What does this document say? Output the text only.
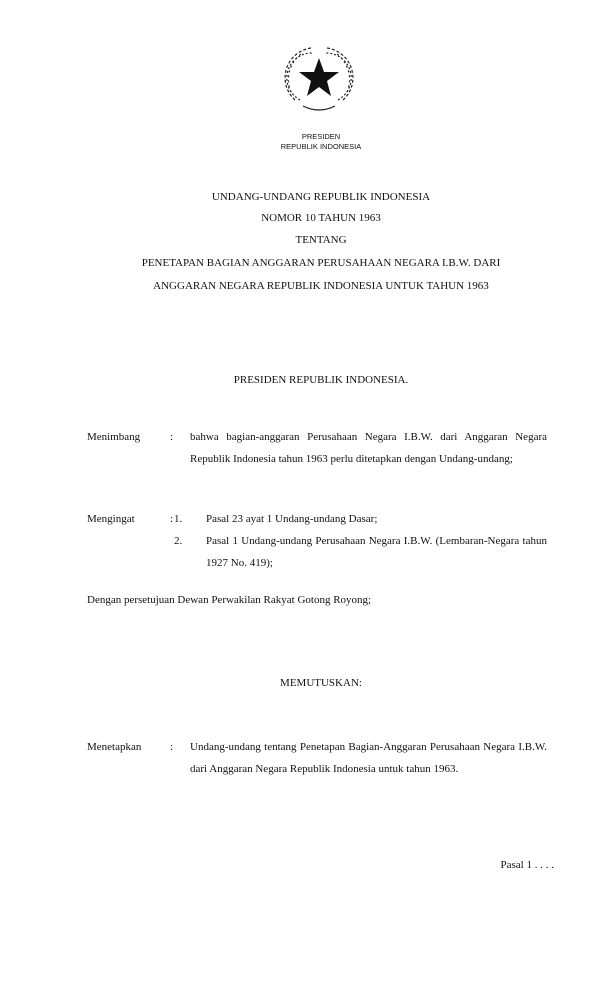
PRESIDEN
REPUBLIK INDONESIA
UNDANG-UNDANG REPUBLIK INDONESIA
NOMOR 10 TAHUN 1963
TENTANG
PENETAPAN BAGIAN ANGGARAN PERUSAHAAN NEGARA I.B.W. DARI
ANGGARAN NEGARA REPUBLIK INDONESIA UNTUK TAHUN 1963
PRESIDEN REPUBLIK INDONESIA.
Menimbang	: bahwa bagian-anggaran Perusahaan Negara I.B.W. dari Anggaran Negara Republik Indonesia tahun 1963 perlu ditetapkan dengan Undang-undang;
Mengingat	: 1. Pasal 23 ayat 1 Undang-undang Dasar;
2. Pasal 1 Undang-undang Perusahaan Negara I.B.W. (Lembaran-Negara tahun 1927 No. 419);
Dengan persetujuan Dewan Perwakilan Rakyat Gotong Royong;
MEMUTUSKAN:
Menetapkan	: Undang-undang tentang Penetapan Bagian-Anggaran Perusahaan Negara I.B.W. dari Anggaran Negara Republik Indonesia untuk tahun 1963.
Pasal 1 . . . .
